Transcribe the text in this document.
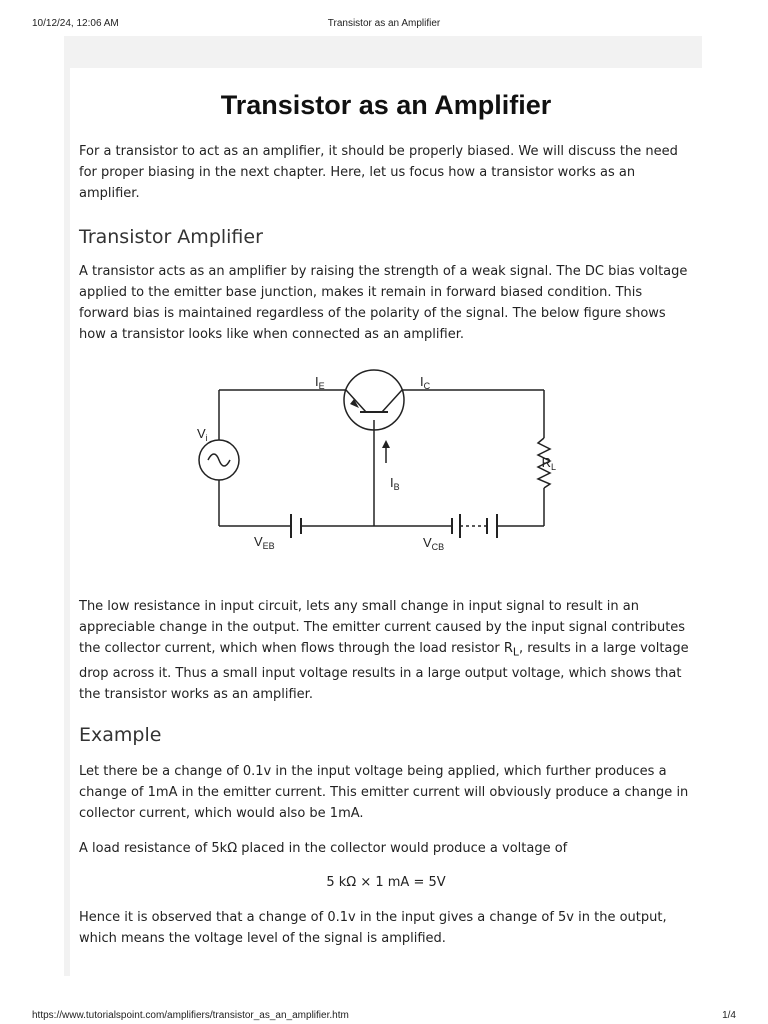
10/12/24, 12:06 AM	Transistor as an Amplifier
Transistor as an Amplifier

For a transistor to act as an amplifier, it should be properly biased. We will discuss the need for proper biasing in the next chapter. Here, let us focus how a transistor works as an amplifier.

Transistor Amplifier

A transistor acts as an amplifier by raising the strength of a weak signal. The DC bias voltage applied to the emitter base junction, makes it remain in forward biased condition. This forward bias is maintained regardless of the polarity of the signal. The below figure shows how a transistor looks like when connected as an amplifier.

$I_E$	$I_C$
$V_i$
$R_L$
$I_B$
$V_{EB}$	$V_{CB}$

The low resistance in input circuit, lets any small change in input signal to result in an appreciable change in the output. The emitter current caused by the input signal contributes the collector current, which when flows through the load resistor $R_L$, results in a large voltage drop across it. Thus a small input voltage results in a large output voltage, which shows that the transistor works as an amplifier.

Example

Let there be a change of 0.1v in the input voltage being applied, which further produces a change of 1mA in the emitter current. This emitter current will obviously produce a change in collector current, which would also be 1mA.

A load resistance of 5kΩ placed in the collector would produce a voltage of

5 kΩ × 1 mA = 5V

Hence it is observed that a change of 0.1v in the input gives a change of 5v in the output, which means the voltage level of the signal is amplified.

https://www.tutorialspoint.com/amplifiers/transistor_as_an_amplifier.htm	1/4
